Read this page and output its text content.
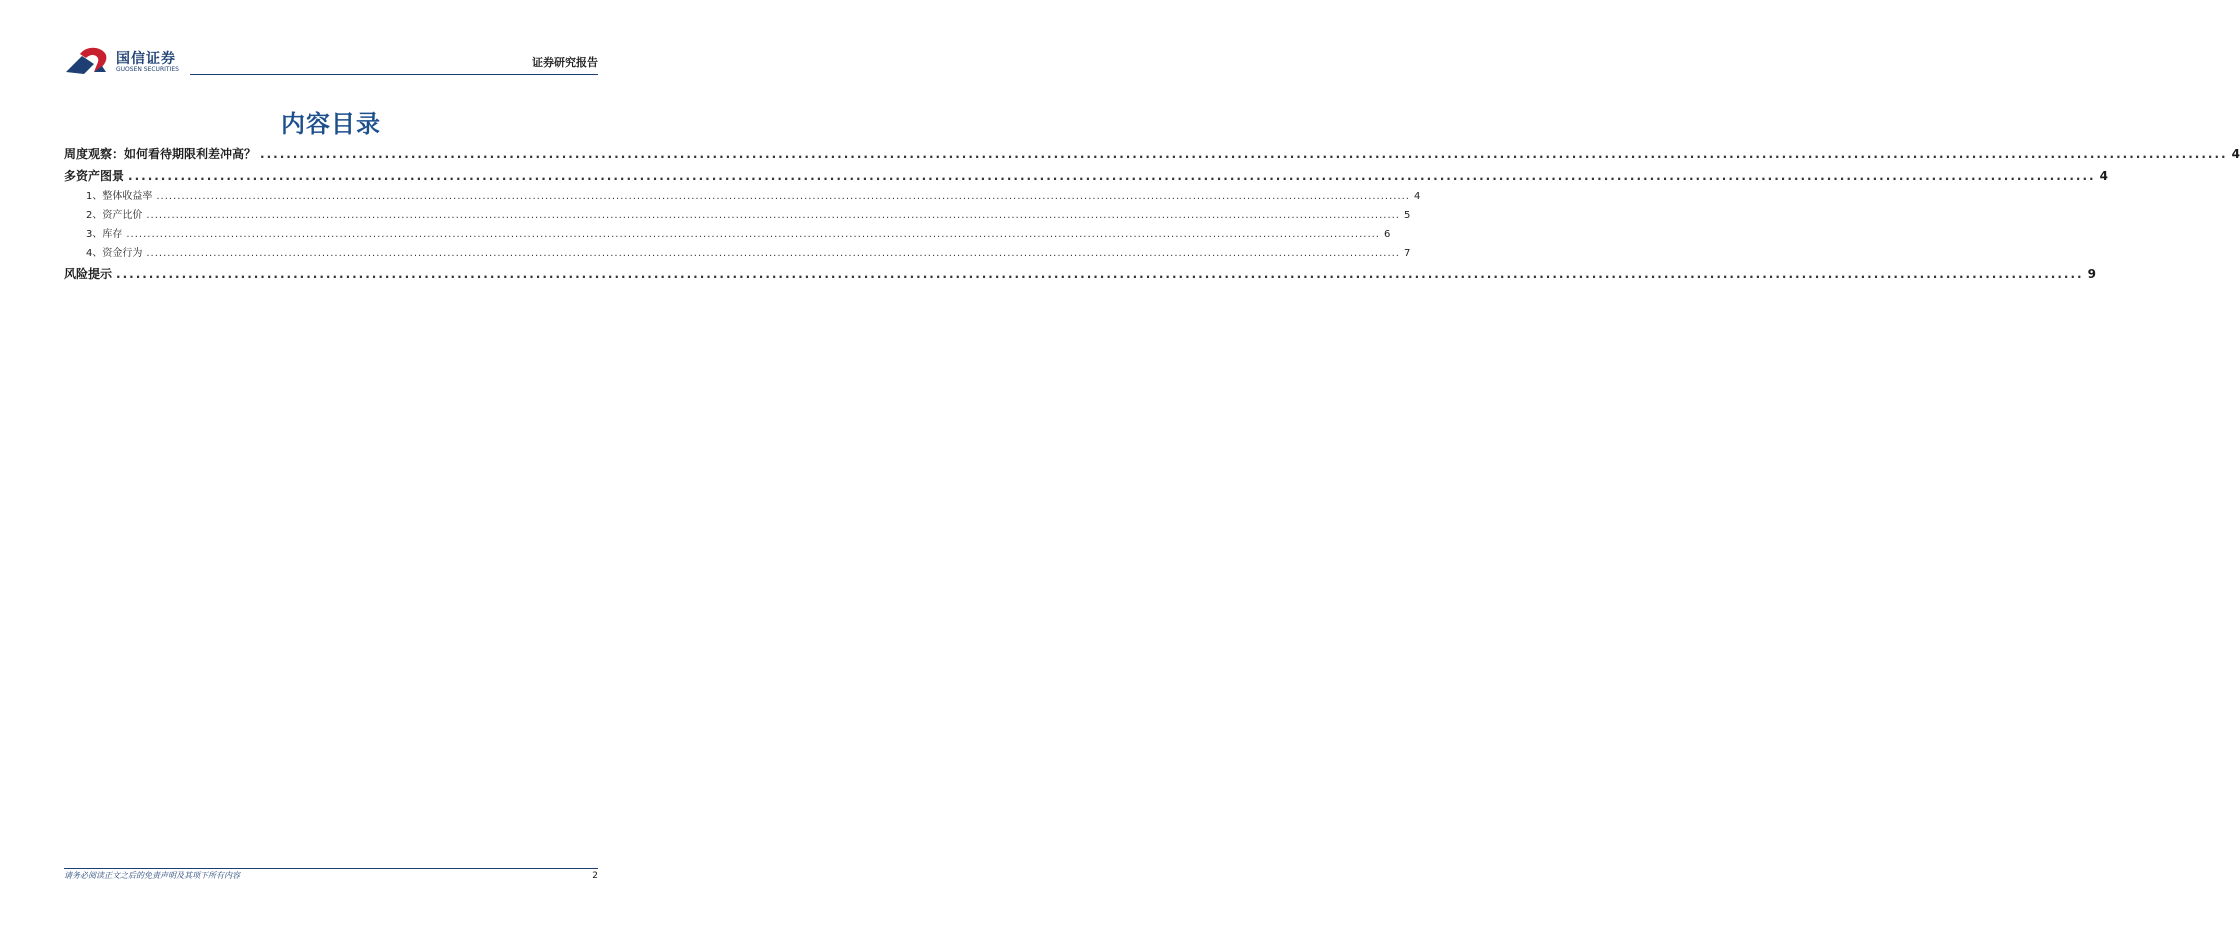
国信证券
GUOSEN SECURITIES
证券研究报告
内容目录
周度观察：如何看待期限利差冲高？ ............................................................................................................................................................................................................................................................................................................ 4
多资产图景 ............................................................................................................................................................................................................................................................................................................ 4
1、整体收益率 ............................................................................................................................................................................................................................................................................................................ 4
2、资产比价 ............................................................................................................................................................................................................................................................................................................ 5
3、库存 ............................................................................................................................................................................................................................................................................................................ 6
4、资金行为 ............................................................................................................................................................................................................................................................................................................ 7
风险提示 ............................................................................................................................................................................................................................................................................................................ 9
请务必阅读正文之后的免责声明及其项下所有内容	2
